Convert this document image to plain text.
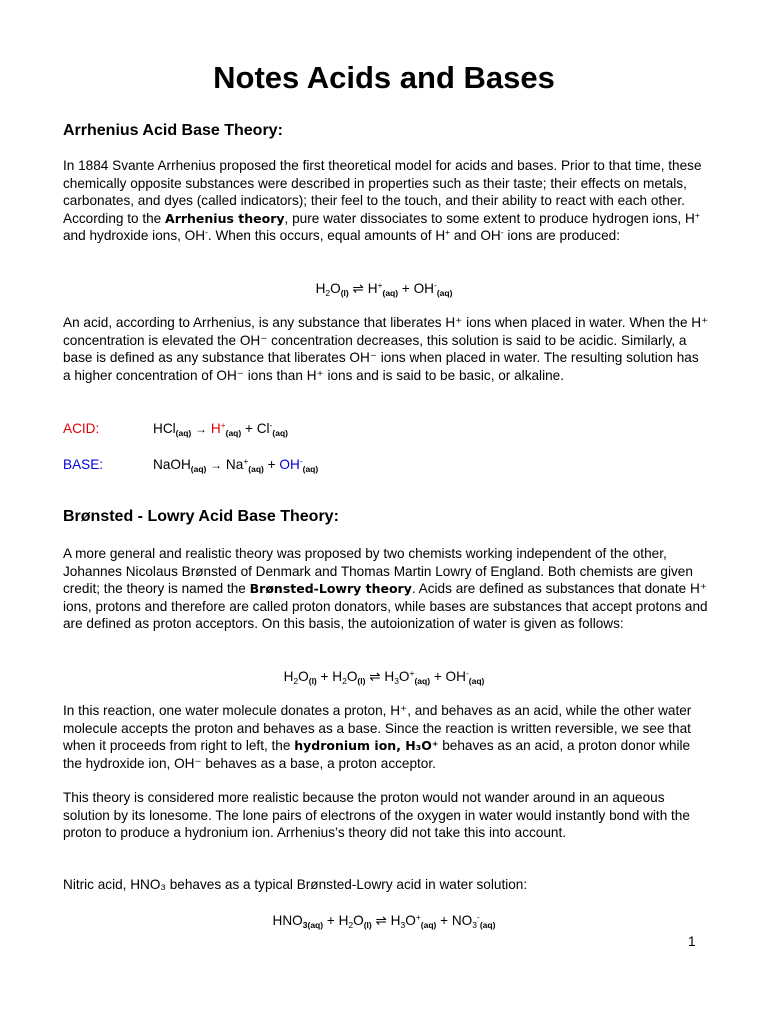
Notes Acids and Bases
Arrhenius Acid Base Theory:

In 1884 Svante Arrhenius proposed the first theoretical model for acids and bases. Prior to that time, these chemically opposite substances were described in properties such as their taste; their effects on metals, carbonates, and dyes (called indicators); their feel to the touch, and their ability to react with each other. According to the Arrhenius theory, pure water dissociates to some extent to produce hydrogen ions, H+ and hydroxide ions, OH-. When this occurs, equal amounts of H+ and OH- ions are produced:

$H_2O_{(l)}$ ⇌ $H^+_{(aq)} + OH^-_{(aq)}$

An acid, according to Arrhenius, is any substance that liberates H⁺ ions when placed in water. When the H⁺ concentration is elevated the OH⁻ concentration decreases, this solution is said to be acidic. Similarly, a base is defined as any substance that liberates OH⁻ ions when placed in water. The resulting solution has a higher concentration of OH⁻ ions than H⁺ ions and is said to be basic, or alkaline.

ACID:	$HCl_{(aq)} \to H^+_{(aq)} + Cl^-_{(aq)}$
BASE:	NaOH$_{(aq)}$ → $Na^+_{(aq)} + OH^-_{(aq)}$
Brønsted - Lowry Acid Base Theory:

A more general and realistic theory was proposed by two chemists working independent of the other, Johannes Nicolaus Brønsted of Denmark and Thomas Martin Lowry of England. Both chemists are given credit; the theory is named the Brønsted-Lowry theory. Acids are defined as substances that donate H⁺ ions, protons and therefore are called proton donators, while bases are substances that accept protons and are defined as proton acceptors. On this basis, the autoionization of water is given as follows:

$H_2O_{(l)} + H_2O_{(l)}$ ⇌ $H_3O^+_{(aq)} + OH^-_{(aq)}$

In this reaction, one water molecule donates a proton, H⁺, and behaves as an acid, while the other water molecule accepts the proton and behaves as a base. Since the reaction is written reversible, we see that when it proceeds from right to left, the hydronium ion, H₃O⁺ behaves as an acid, a proton donor while the hydroxide ion, OH⁻ behaves as a base, a proton acceptor.

This theory is considered more realistic because the proton would not wander around in an aqueous solution by its lonesome. The lone pairs of electrons of the oxygen in water would instantly bond with the proton to produce a hydronium ion. Arrhenius’s theory did not take this into account.

Nitric acid, HNO₃ behaves as a typical Brønsted-Lowry acid in water solution:

$HNO_{3(aq)} + H_2O_{(l)}$ ⇌ $H_3O^+_{(aq)} + NO_3^-_{(aq)}$
1
